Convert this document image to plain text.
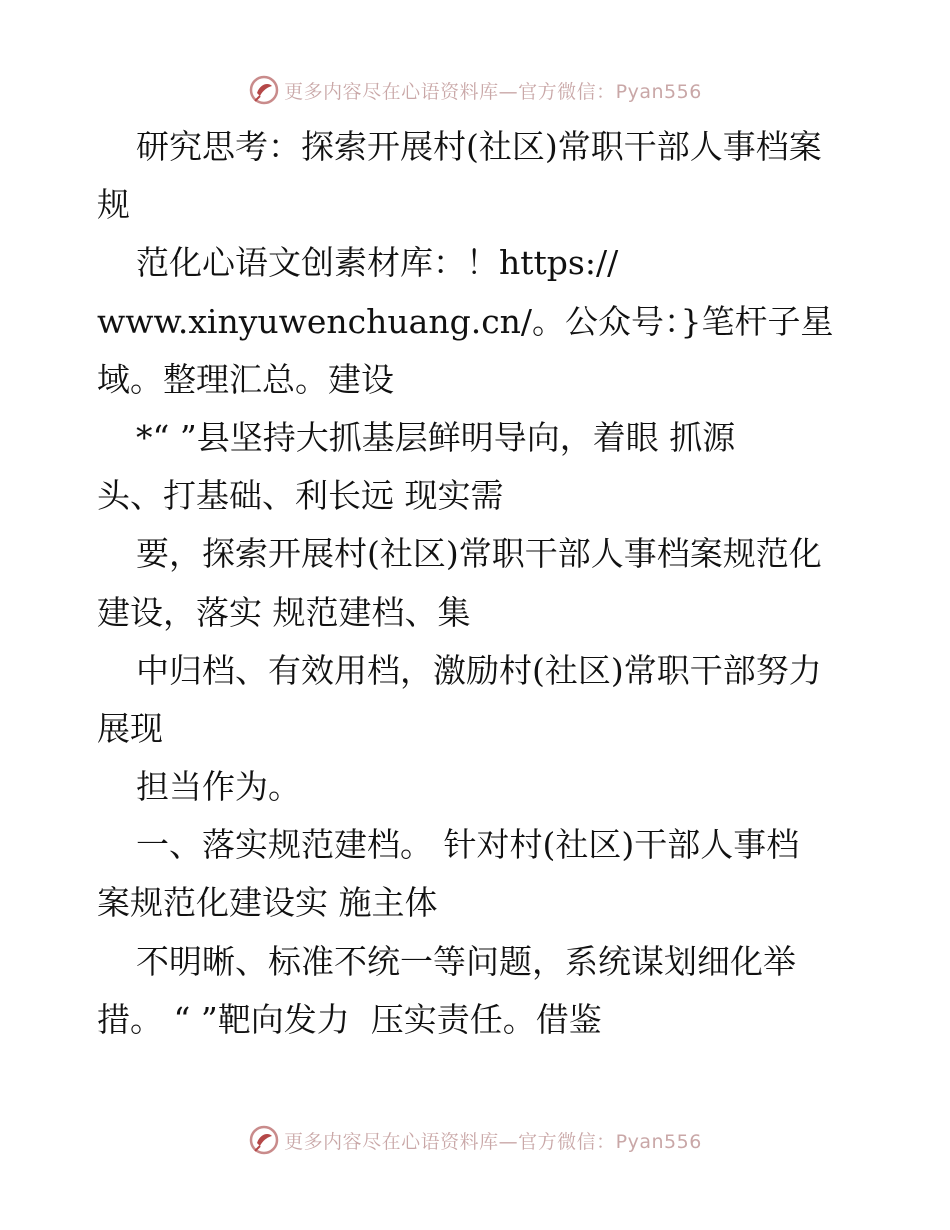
更多内容尽在心语资料库—官方微信：Pyan556

研究思考：探索开展村(社区)常职干部人事档案

规

范化心语文创素材库：！https://

www.xinyuwenchuang.cn/。公众号：}笔杆子星

域。整理汇总。建设

*“ ”县坚持大抓基层鲜明导向，着眼 抓源

头、打基础、利长远 现实需

要，探索开展村(社区)常职干部人事档案规范化

建设，落实 规范建档、集

中归档、有效用档，激励村(社区)常职干部努力

展现

担当作为。

一、落实规范建档。 针对村(社区)干部人事档

案规范化建设实 施主体

不明晰、标准不统一等问题，系统谋划细化举

措。 “ ”靶向发力  压实责任。借鉴

更多内容尽在心语资料库—官方微信：Pyan556
